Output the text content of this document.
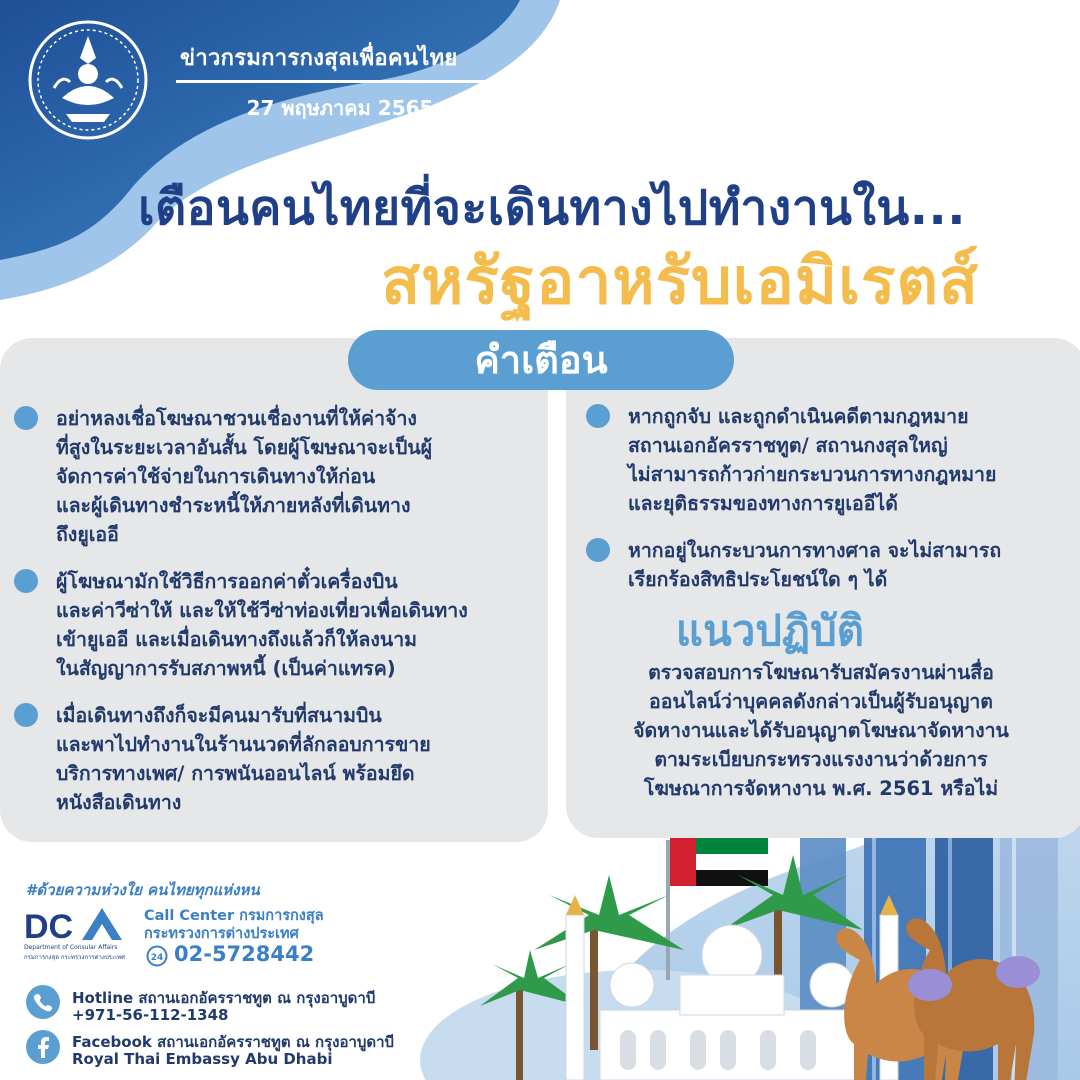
ข่าวกรมการกงสุลเพื่อคนไทย
27 พฤษภาคม 2565
เตือนคนไทยที่จะเดินทางไปทำงานใน...
สหรัฐอาหรับเอมิเรตส์
คำเตือน
อย่าหลงเชื่อโฆษณาชวนเชื่องานที่ให้ค่าจ้าง
ที่สูงในระยะเวลาอันสั้น โดยผู้โฆษณาจะเป็นผู้
จัดการค่าใช้จ่ายในการเดินทางให้ก่อน
และผู้เดินทางชำระหนี้ให้ภายหลังที่เดินทาง
ถึงยูเออี
ผู้โฆษณามักใช้วิธีการออกค่าตั๋วเครื่องบิน
และค่าวีซ่าให้ และให้ใช้วีซ่าท่องเที่ยวเพื่อเดินทาง
เข้ายูเออี และเมื่อเดินทางถึงแล้วก็ให้ลงนาม
ในสัญญาการรับสภาพหนี้ (เป็นค่าแทรค)
เมื่อเดินทางถึงก็จะมีคนมารับที่สนามบิน
และพาไปทำงานในร้านนวดที่ลักลอบการขาย
บริการทางเพศ/ การพนันออนไลน์ พร้อมยึด
หนังสือเดินทาง
หากถูกจับ และถูกดำเนินคดีตามกฎหมาย
สถานเอกอัครราชทูต/ สถานกงสุลใหญ่
ไม่สามารถก้าวก่ายกระบวนการทางกฎหมาย
และยุติธรรมของทางการยูเออีได้
หากอยู่ในกระบวนการทางศาล จะไม่สามารถ
เรียกร้องสิทธิประโยชน์ใด ๆ ได้
แนวปฏิบัติ
ตรวจสอบการโฆษณารับสมัครงานผ่านสื่อ
ออนไลน์ว่าบุคคลดังกล่าวเป็นผู้รับอนุญาต
จัดหางานและได้รับอนุญาตโฆษณาจัดหางาน
ตามระเบียบกระทรวงแรงงานว่าด้วยการ
โฆษณาการจัดหางาน พ.ศ. 2561 หรือไม่
#ด้วยความห่วงใย คนไทยทุกแห่งหน
DC
Department of Consular Affairs
กรมการกงสุล กระทรวงการต่างประเทศ
Call Center กรมการกงสุล
กระทรวงการต่างประเทศ
24 02-5728442
Hotline สถานเอกอัครราชทูต ณ กรุงอาบูดาบี
+971-56-112-1348
Facebook สถานเอกอัครราชทูต ณ กรุงอาบูดาบี
Royal Thai Embassy Abu Dhabi
